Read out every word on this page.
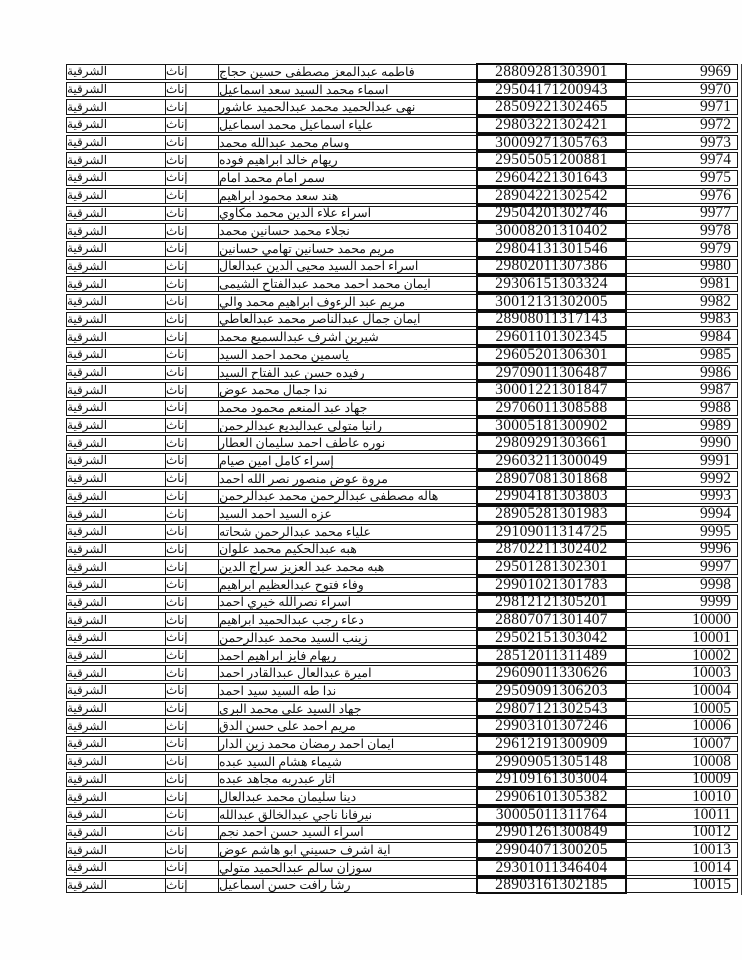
الشرقية	إناث	فاطمه عبدالمعز مصطفى حسين حجاج	28809281303901	9969
الشرقية	إناث	اسماء محمد السيد سعد اسماعيل	29504171200943	9970
الشرقية	إناث	نهى عبدالحميد محمد عبدالحميد عاشور	28509221302465	9971
الشرقية	إناث	علياء اسماعيل محمد اسماعيل	29803221302421	9972
الشرقية	إناث	وسام محمد عبدالله محمد	30009271305763	9973
الشرقية	إناث	ريهام خالد ابراهيم فوده	29505051200881	9974
الشرقية	إناث	سمر امام محمد امام	29604221301643	9975
الشرقية	إناث	هند سعد محمود ابراهيم	28904221302542	9976
الشرقية	إناث	اسراء علاء الدين محمد مكاوي	29504201302746	9977
الشرقية	إناث	نجلاء محمد حسانين محمد	30008201310402	9978
الشرقية	إناث	مريم محمد حسانين تهامي حسانين	29804131301546	9979
الشرقية	إناث	اسراء احمد السيد محيى الدين عبدالعال	29802011307386	9980
الشرقية	إناث	ايمان محمد احمد محمد عبدالفتاح الشيمى	29306151303324	9981
الشرقية	إناث	مريم عبد الرءوف ابراهيم محمد والي	30012131302005	9982
الشرقية	إناث	ايمان جمال عبدالناصر محمد عبدالعاطي	28908011317143	9983
الشرقية	إناث	شيرين اشرف عبدالسميع محمد	29601101302345	9984
الشرقية	إناث	ياسمين محمد احمد السيد	29605201306301	9985
الشرقية	إناث	رفيده حسن عبد الفتاح السيد	29709011306487	9986
الشرقية	إناث	ندا جمال محمد عوض	30001221301847	9987
الشرقية	إناث	جهاد عبد المنعم محمود محمد	29706011308588	9988
الشرقية	إناث	رانيا متولي عبدالبديع عبدالرحمن	30005181300902	9989
الشرقية	إناث	نوره عاطف احمد سليمان العطار	29809291303661	9990
الشرقية	إناث	إسراء كامل امين صيام	29603211300049	9991
الشرقية	إناث	مروة عوض منصور نصر الله احمد	28907081301868	9992
الشرقية	إناث	هاله مصطفى عبدالرحمن محمد عبدالرحمن	29904181303803	9993
الشرقية	إناث	عزه السيد احمد السيد	28905281301983	9994
الشرقية	إناث	علياء محمد عبدالرحمن شحاته	29109011314725	9995
الشرقية	إناث	هبه عبدالحكيم محمد علوان	28702211302402	9996
الشرقية	إناث	هبه محمد عبد العزيز سراج الدين	29501281302301	9997
الشرقية	إناث	وفاء فتوح عبدالعظيم ابراهيم	29901021301783	9998
الشرقية	إناث	اسراء نصرالله خيري احمد	29812121305201	9999
الشرقية	إناث	دعاء رجب عبدالحميد ابراهيم	28807071301407	10000
الشرقية	إناث	زينب السيد محمد عبدالرحمن	29502151303042	10001
الشرقية	إناث	ريهام فايز ابراهيم احمد	28512011311489	10002
الشرقية	إناث	اميرة عبدالعال عبدالقادر احمد	29609011330626	10003
الشرقية	إناث	ندا طه السيد سيد احمد	29509091306203	10004
الشرقية	إناث	جهاد السيد على محمد البرى	29807121302543	10005
الشرقية	إناث	مريم احمد على حسن الدق	29903101307246	10006
الشرقية	إناث	ايمان احمد رمضان محمد زين الدار	29612191300909	10007
الشرقية	إناث	شيماء هشام السيد عبده	29909051305148	10008
الشرقية	إناث	اثار عبدربه مجاهد عبده	29109161303004	10009
الشرقية	إناث	دينا سليمان محمد عبدالعال	29906101305382	10010
الشرقية	إناث	نيرفانا ناجي عبدالخالق عبدالله	30005011311764	10011
الشرقية	إناث	اسراء السيد حسن احمد نجم	29901261300849	10012
الشرقية	إناث	اية اشرف حسيني ابو هاشم عوض	29904071300205	10013
الشرقية	إناث	سوزان سالم عبدالحميد متولي	29301011346404	10014
الشرقية	إناث	رشا رافت حسن اسماعيل	28903161302185	10015
